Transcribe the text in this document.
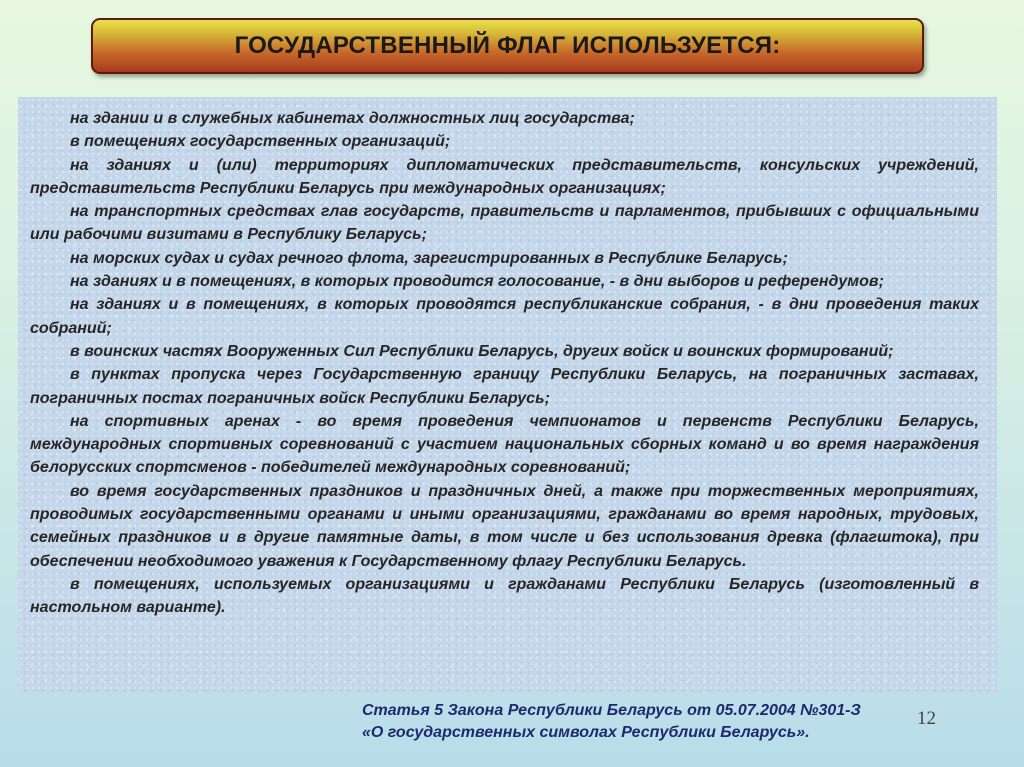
ГОСУДАРСТВЕННЫЙ ФЛАГ ИСПОЛЬЗУЕТСЯ:

на здании и в служебных кабинетах должностных лиц государства;

в помещениях государственных организаций;

на зданиях и (или) территориях дипломатических представительств, консульских учреждений, представительств Республики Беларусь при международных организациях;

на транспортных средствах глав государств, правительств и парламентов, прибывших с официальными или рабочими визитами в Республику Беларусь;

на морских судах и судах речного флота, зарегистрированных в Республике Беларусь;

на зданиях и в помещениях, в которых проводится голосование, - в дни выборов и референдумов;

на зданиях и в помещениях, в которых проводятся республиканские собрания, - в дни проведения таких собраний;

в воинских частях Вооруженных Сил Республики Беларусь, других войск и воинских формирований;

в пунктах пропуска через Государственную границу Республики Беларусь, на пограничных заставах, пограничных постах пограничных войск Республики Беларусь;

на спортивных аренах - во время проведения чемпионатов и первенств Республики Беларусь, международных спортивных соревнований с участием национальных сборных команд и во время награждения белорусских спортсменов - победителей международных соревнований;

во время государственных праздников и праздничных дней, а также при торжественных мероприятиях, проводимых государственными органами и иными организациями, гражданами во время народных, трудовых, семейных праздников и в другие памятные даты, в том числе и без использования древка (флагштока), при обеспечении необходимого уважения к Государственному флагу Республики Беларусь.

в помещениях, используемых организациями и гражданами Республики Беларусь (изготовленный в настольном варианте).

Статья 5 Закона Республики Беларусь от 05.07.2004 №301-З
«О государственных символах Республики Беларусь».
12
